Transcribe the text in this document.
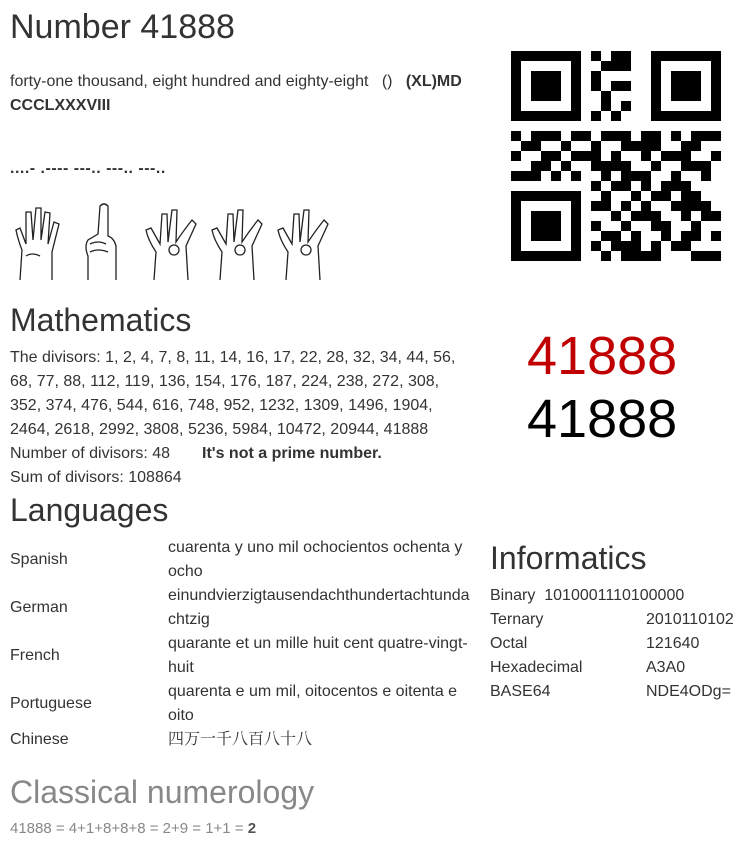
Number 41888
forty-one thousand, eight hundred and eighty-eight () (XL)MD CCCLXXXVIII
....- .---- ---.. ---.. ---..
Mathematics
The divisors: 1, 2, 4, 7, 8, 11, 14, 16, 17, 22, 28, 32, 34, 44, 56, 68, 77, 88, 112, 119, 136, 154, 176, 187, 224, 238, 272, 308, 352, 374, 476, 544, 616, 748, 952, 1232, 1309, 1496, 1904, 2464, 2618, 2992, 3808, 5236, 5984, 10472, 20944, 41888
Number of divisors: 48 It's not a prime number.
Sum of divisors: 108864
41888
41888
Languages
Spanish	cuarenta y uno mil ochocientos ochenta y ocho
German	einundvierzigtausendachthundertachtundachtzig
French	quarante et un mille huit cent quatre-vingt-huit
Portuguese	quarenta e um mil, oitocentos e oitenta e oito
Chinese	四万一千八百八十八
Informatics
Binary 1010001110100000	
Ternary	2010110102
Octal	121640
Hexadecimal	A3A0
BASE64	NDE4ODg=
Classical numerology
41888 = 4+1+8+8+8 = 2+9 = 1+1 = 2
